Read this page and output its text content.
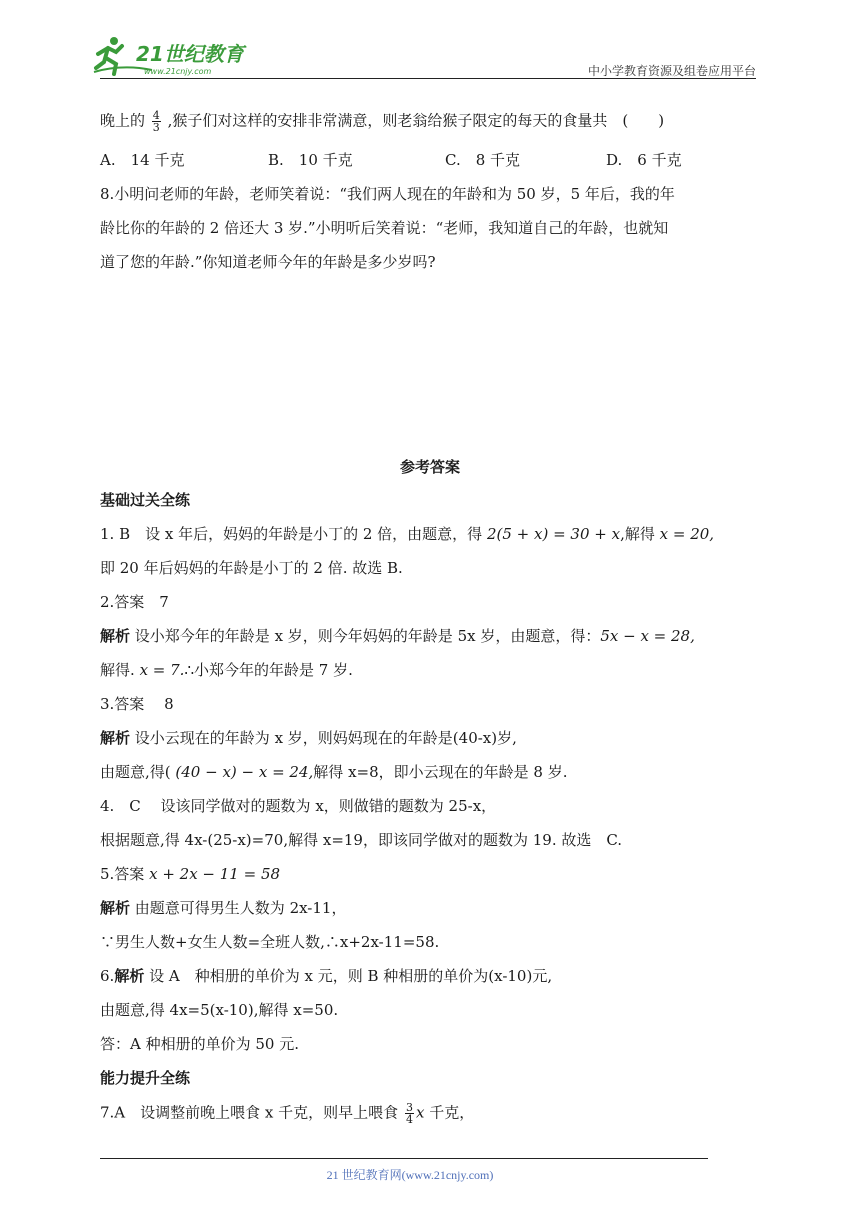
21世纪教育
www.21cnjy.com	中小学教育资源及组卷应用平台
晚上的 $\frac{4}{3}$ ,猴子们对这样的安排非常满意，则老翁给猴子限定的每天的食量共　(　　)
A.　14 千克	B.　10 千克	C.　8 千克	D.　6 千克
8.小明问老师的年龄，老师笑着说：“我们两人现在的年龄和为 50 岁，5 年后，我的年
龄比你的年龄的 2 倍还大 3 岁.”小明听后笑着说：“老师，我知道自己的年龄，也就知
道了您的年龄.”你知道老师今年的年龄是多少岁吗?
参考答案
基础过关全练
1. B　设 x 年后，妈妈的年龄是小丁的 2 倍，由题意，得 2(5 + x) = 30 + x,解得 x = 20,
即 20 年后妈妈的年龄是小丁的 2 倍. 故选 B.
2.答案　7
解析 设小郑今年的年龄是 x 岁，则今年妈妈的年龄是 5x 岁，由题意，得：5x − x = 28,
解得. x = 7.∴小郑今年的年龄是 7 岁.
3.答案　 8
解析 设小云现在的年龄为 x 岁，则妈妈现在的年龄是(40-x)岁,
由题意,得( (40 − x) − x = 24,解得 x=8，即小云现在的年龄是 8 岁.
4.　C　 设该同学做对的题数为 x，则做错的题数为 25-x，
根据题意,得 4x-(25-x)=70,解得 x=19，即该同学做对的题数为 19. 故选　C.
5.答案 x + 2x − 11 = 58
解析 由题意可得男生人数为 2x-11，
∵男生人数+女生人数=全班人数,∴x+2x-11=58.
6.解析 设 A　种相册的单价为 x 元，则 B 种相册的单价为(x-10)元,
由题意,得 4x=5(x-10),解得 x=50.
答：A 种相册的单价为 50 元.
能力提升全练
7.A　设调整前晚上喂食 x 千克，则早上喂食 $\frac{3}{4}$ x 千克，
21 世纪教育网(www.21cnjy.com)
